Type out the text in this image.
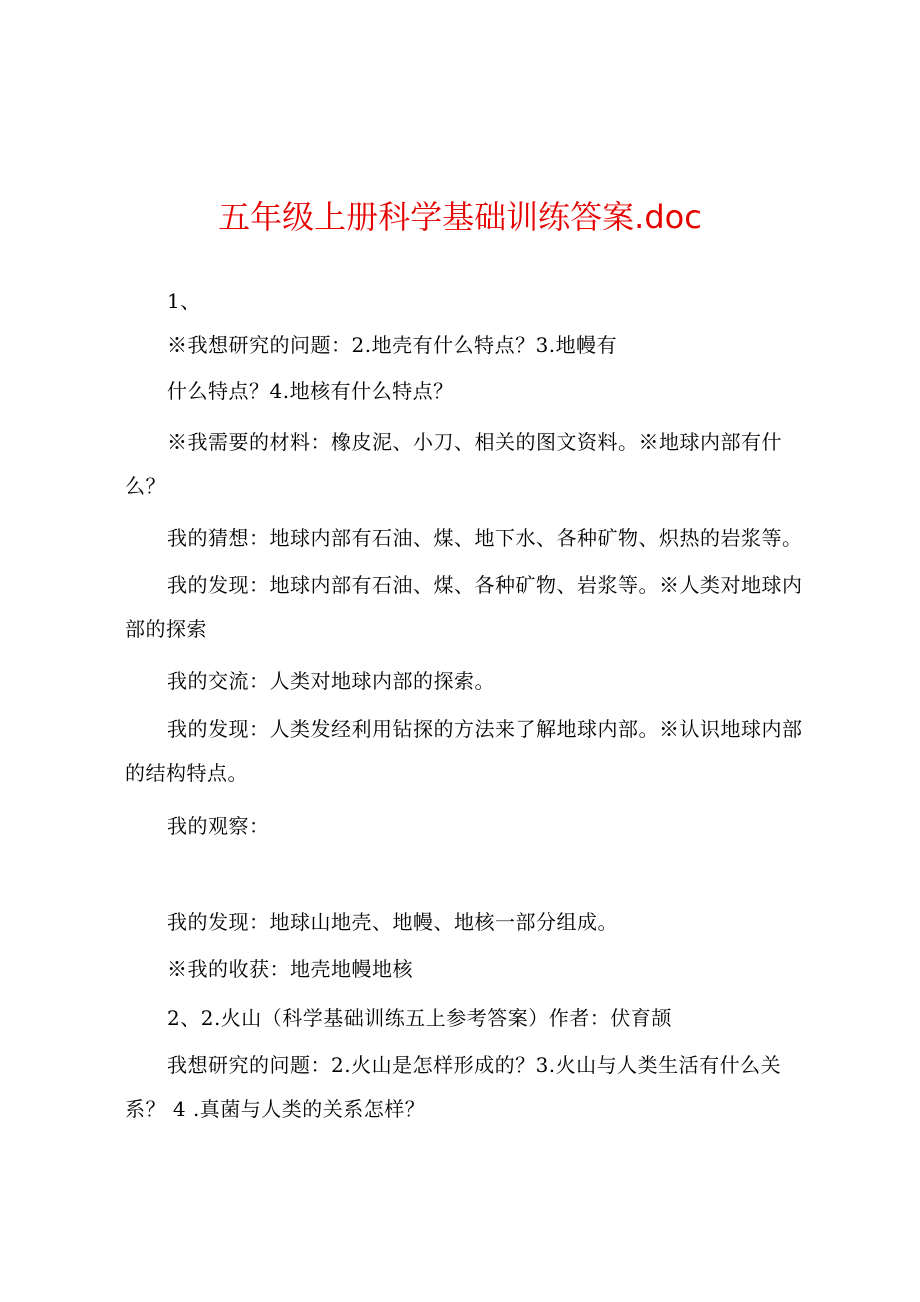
五年级上册科学基础训练答案.doc
1、
※我想研究的问题：2.地壳有什么特点？3.地幔有
什么特点？4.地核有什么特点？
※我需要的材料：橡皮泥、小刀、相关的图文资料。※地球内部有什么？
我的猜想：地球内部有石油、煤、地下水、各种矿物、炽热的岩浆等。
我的发现：地球内部有石油、煤、各种矿物、岩浆等。※人类对地球内部的探索
我的交流：人类对地球内部的探索。
我的发现：人类发经利用钻探的方法来了解地球内部。※认识地球内部的结构特点。
我的观察：
我的发现：地球山地壳、地幔、地核一部分组成。
※我的收获：地壳地幔地核
2、2.火山（科学基础训练五上参考答案）作者：伏育颉
我想研究的问题：2.火山是怎样形成的？3.火山与人类生活有什么关系？ 4 .真菌与人类的关系怎样？
